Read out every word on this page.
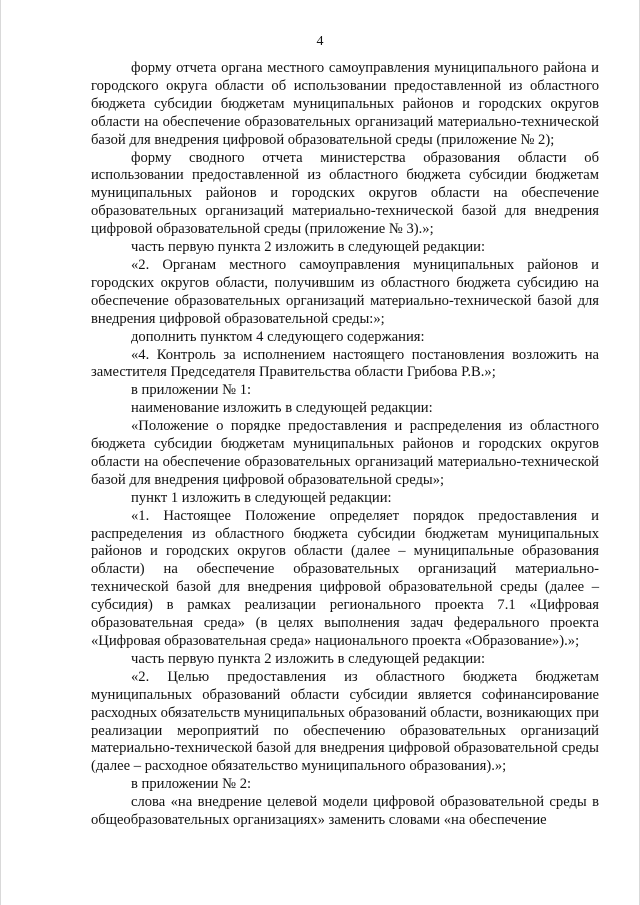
4

форму отчета органа местного самоуправления муниципального района и городского округа области об использовании предоставленной из областного бюджета субсидии бюджетам муниципальных районов и городских округов области на обеспечение образовательных организаций материально-технической базой для внедрения цифровой образовательной среды (приложение № 2);

форму сводного отчета министерства образования области об использовании предоставленной из областного бюджета субсидии бюджетам муниципальных районов и городских округов области на обеспечение образовательных организаций материально-технической базой для внедрения цифровой образовательной среды (приложение № 3).»;

часть первую пункта 2 изложить в следующей редакции:

«2. Органам местного самоуправления муниципальных районов и городских округов области, получившим из областного бюджета субсидию на обеспечение образовательных организаций материально-технической базой для внедрения цифровой образовательной среды:»;

дополнить пунктом 4 следующего содержания:

«4. Контроль за исполнением настоящего постановления возложить на заместителя Председателя Правительства области Грибова Р.В.»;

в приложении № 1:

наименование изложить в следующей редакции:

«Положение о порядке предоставления и распределения из областного бюджета субсидии бюджетам муниципальных районов и городских округов области на обеспечение образовательных организаций материально-технической базой для внедрения цифровой образовательной среды»;

пункт 1 изложить в следующей редакции:

«1. Настоящее Положение определяет порядок предоставления и распределения из областного бюджета субсидии бюджетам муниципальных районов и городских округов области (далее – муниципальные образования области) на обеспечение образовательных организаций материально-технической базой для внедрения цифровой образовательной среды (далее – субсидия) в рамках реализации регионального проекта 7.1 «Цифровая образовательная среда» (в целях выполнения задач федерального проекта «Цифровая образовательная среда» национального проекта «Образование»).»;

часть первую пункта 2 изложить в следующей редакции:

«2. Целью предоставления из областного бюджета бюджетам муниципальных образований области субсидии является софинансирование расходных обязательств муниципальных образований области, возникающих при реализации мероприятий по обеспечению образовательных организаций материально-технической базой для внедрения цифровой образовательной среды (далее – расходное обязательство муниципального образования).»;

в приложении № 2:

слова «на внедрение целевой модели цифровой образовательной среды в общеобразовательных организациях» заменить словами «на обеспечение
